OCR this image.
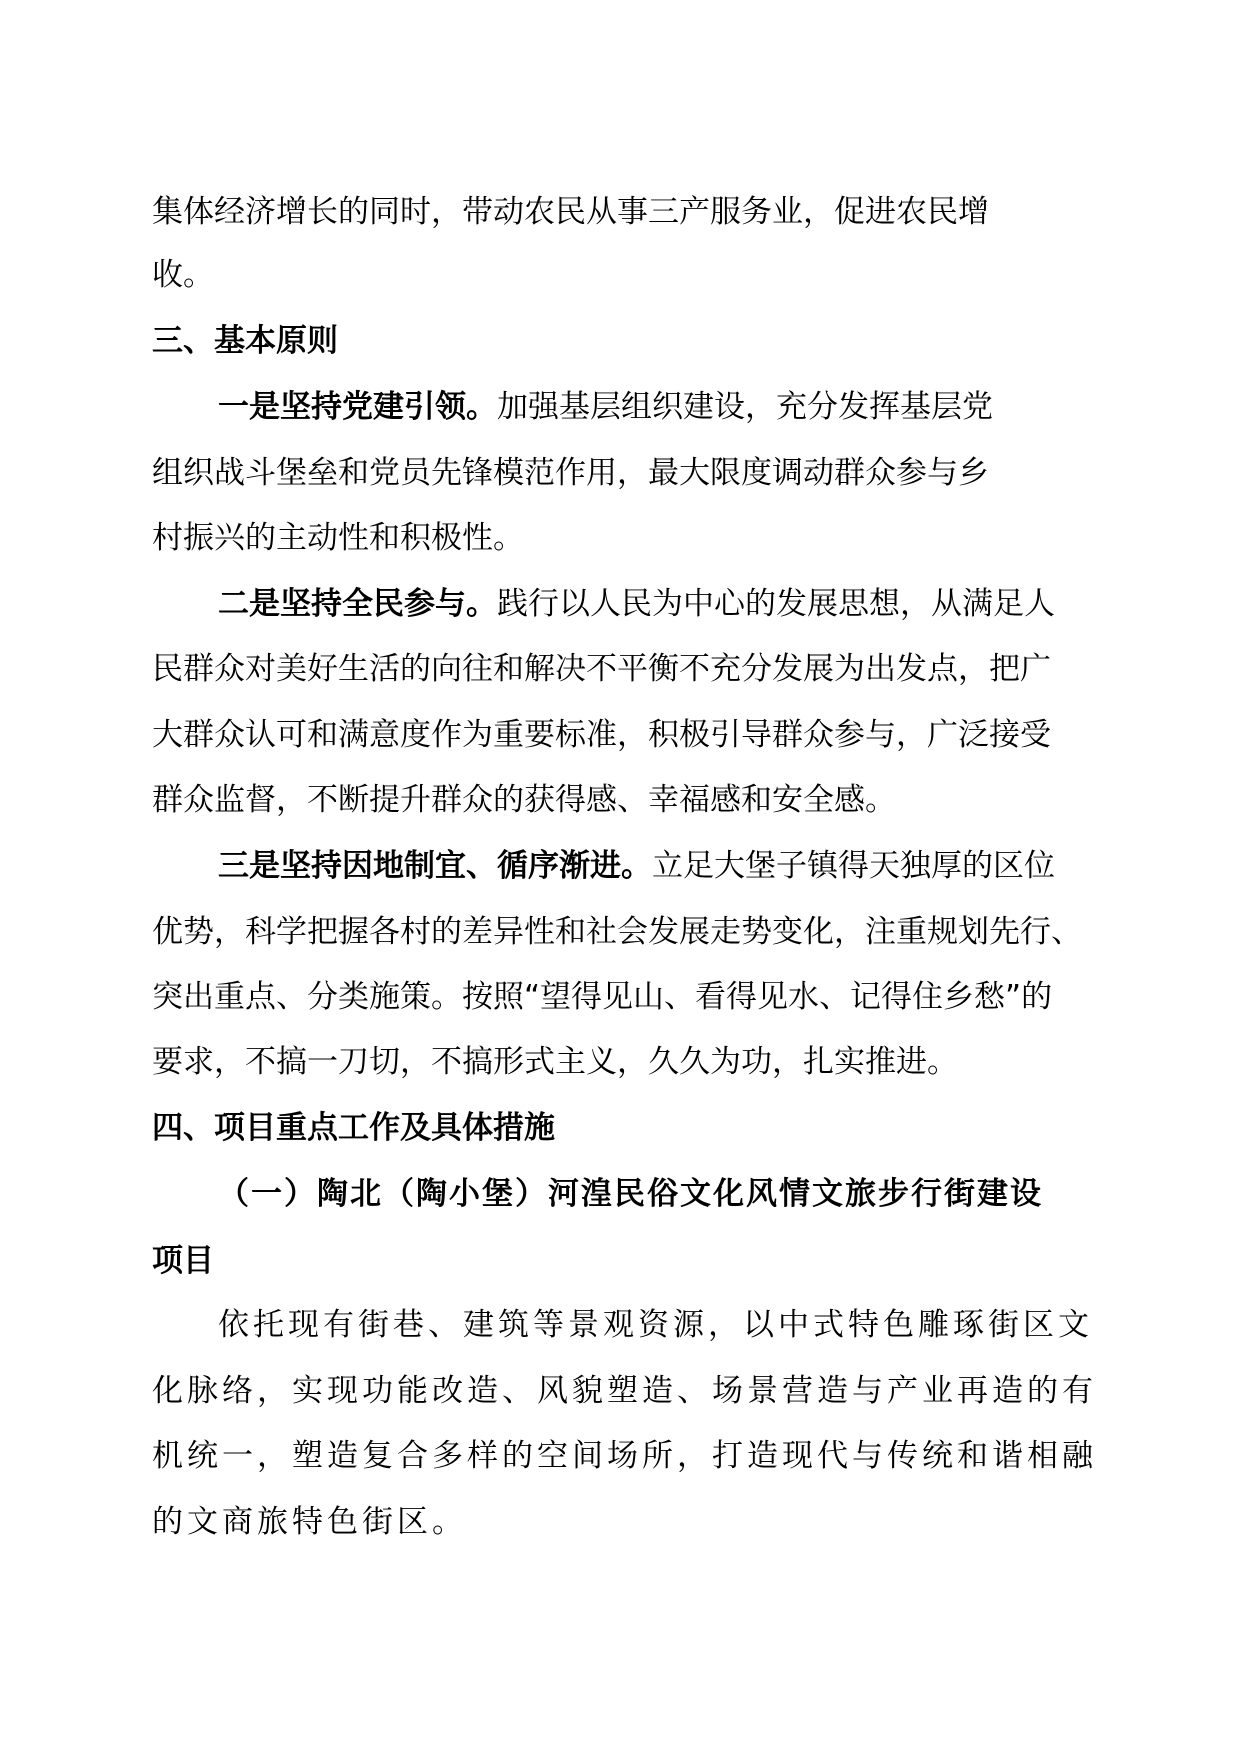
集体经济增长的同时，带动农民从事三产服务业，促进农民增
收。
三、基本原则
一是坚持党建引领。加强基层组织建设，充分发挥基层党
组织战斗堡垒和党员先锋模范作用，最大限度调动群众参与乡
村振兴的主动性和积极性。
二是坚持全民参与。践行以人民为中心的发展思想，从满足人
民群众对美好生活的向往和解决不平衡不充分发展为出发点，把广
大群众认可和满意度作为重要标准，积极引导群众参与，广泛接受
群众监督，不断提升群众的获得感、幸福感和安全感。
三是坚持因地制宜、循序渐进。立足大堡子镇得天独厚的区位
优势，科学把握各村的差异性和社会发展走势变化，注重规划先行、
突出重点、分类施策。按照“望得见山、看得见水、记得住乡愁”的
要求，不搞一刀切，不搞形式主义，久久为功，扎实推进。
四、项目重点工作及具体措施
（一）陶北（陶小堡）河湟民俗文化风情文旅步行街建设
项目
依托现有街巷、建筑等景观资源，以中式特色雕琢街区文
化脉络，实现功能改造、风貌塑造、场景营造与产业再造的有
机统一，塑造复合多样的空间场所，打造现代与传统和谐相融
的文商旅特色街区。
